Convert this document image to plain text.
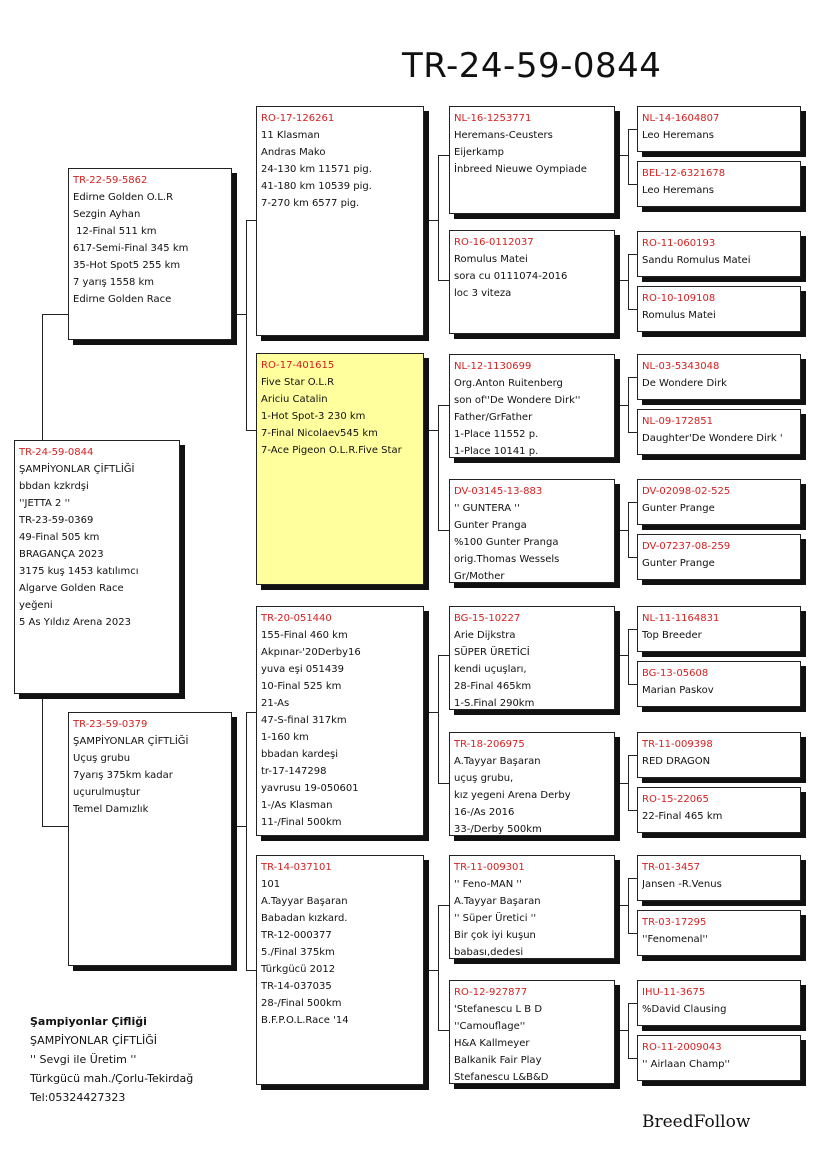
TR-24-59-0844
TR-24-59-0844
ŞAMPİYONLAR ÇİFTLİĞİ
bbdan kzkrdşi
''JETTA 2 ''
TR-23-59-0369
49-Final 505 km
BRAGANÇA 2023
3175 kuş 1453 katılımcı
Algarve Golden Race
yeğeni
5 As Yıldız Arena 2023
TR-22-59-5862
Edirne Golden O.L.R
Sezgin Ayhan
12-Final 511 km
617-Semi-Final 345 km
35-Hot Spot5 255 km
7 yarış 1558 km
Edirne Golden Race
TR-23-59-0379
ŞAMPİYONLAR ÇİFTLİĞİ
Uçuş grubu
7yarış 375km kadar
uçurulmuştur
Temel Damızlık
RO-17-126261
11 Klasman
Andras Mako
24-130 km 11571 pig.
41-180 km 10539 pig.
7-270 km 6577 pig.
RO-17-401615
Five Star O.L.R
Ariciu Catalin
1-Hot Spot-3 230 km
7-Final Nicolaev545 km
7-Ace Pigeon O.L.R.Five Star
TR-20-051440
155-Final 460 km
Akpınar-'20Derby16
yuva eşi 051439
10-Final 525 km
21-As
47-S-final 317km
1-160 km
bbadan kardeşi
tr-17-147298
yavrusu 19-050601
1-/As Klasman
11-/Final 500km
TR-14-037101
101
A.Tayyar Başaran
Babadan kızkard.
TR-12-000377
5./Final 375km
Türkgücü 2012
TR-14-037035
28-/Final 500km
B.F.P.O.L.Race '14
NL-16-1253771
Heremans-Ceusters
Eijerkamp
İnbreed Nieuwe Oympiade
RO-16-0112037
Romulus Matei
sora cu 0111074-2016
loc 3 viteza
NL-12-1130699
Org.Anton Ruitenberg
son of''De Wondere Dirk''
Father/GrFather
1-Place 11552 p.
1-Place 10141 p.
DV-03145-13-883
'' GUNTERA ''
Gunter Pranga
%100 Gunter Pranga
orig.Thomas Wessels
Gr/Mother
BG-15-10227
Arie Dijkstra
SÜPER ÜRETİCİ
kendi uçuşları,
28-Final 465km
1-S.Final 290km
TR-18-206975
A.Tayyar Başaran
uçuş grubu,
kız yegeni Arena Derby
16-/As 2016
33-/Derby 500km
TR-11-009301
'' Feno-MAN ''
A.Tayyar Başaran
'' Süper Üretici ''
Bir çok iyi kuşun
babası,dedesi
RO-12-927877
'Stefanescu L B D
''Camouflage''
H&A Kallmeyer
Balkanik Fair Play
Stefanescu L&B&D
NL-14-1604807
Leo Heremans
BEL-12-6321678
Leo Heremans
RO-11-060193
Sandu Romulus Matei
RO-10-109108
Romulus Matei
NL-03-5343048
De Wondere Dirk
NL-09-172851
Daughter'De Wondere Dirk '
DV-02098-02-525
Gunter Prange
DV-07237-08-259
Gunter Prange
NL-11-1164831
Top Breeder
BG-13-05608
Marian Paskov
TR-11-009398
RED DRAGON
RO-15-22065
22-Final 465 km
TR-01-3457
Jansen -R.Venus
TR-03-17295
''Fenomenal''
IHU-11-3675
%David Clausing
RO-11-2009043
'' Airlaan Champ''
Şampiyonlar Çifliği
ŞAMPİYONLAR ÇİFTLİĞİ
'' Sevgi ile Üretim ''
Türkgücü mah./Çorlu-Tekirdağ
Tel:05324427323
BreedFollow
